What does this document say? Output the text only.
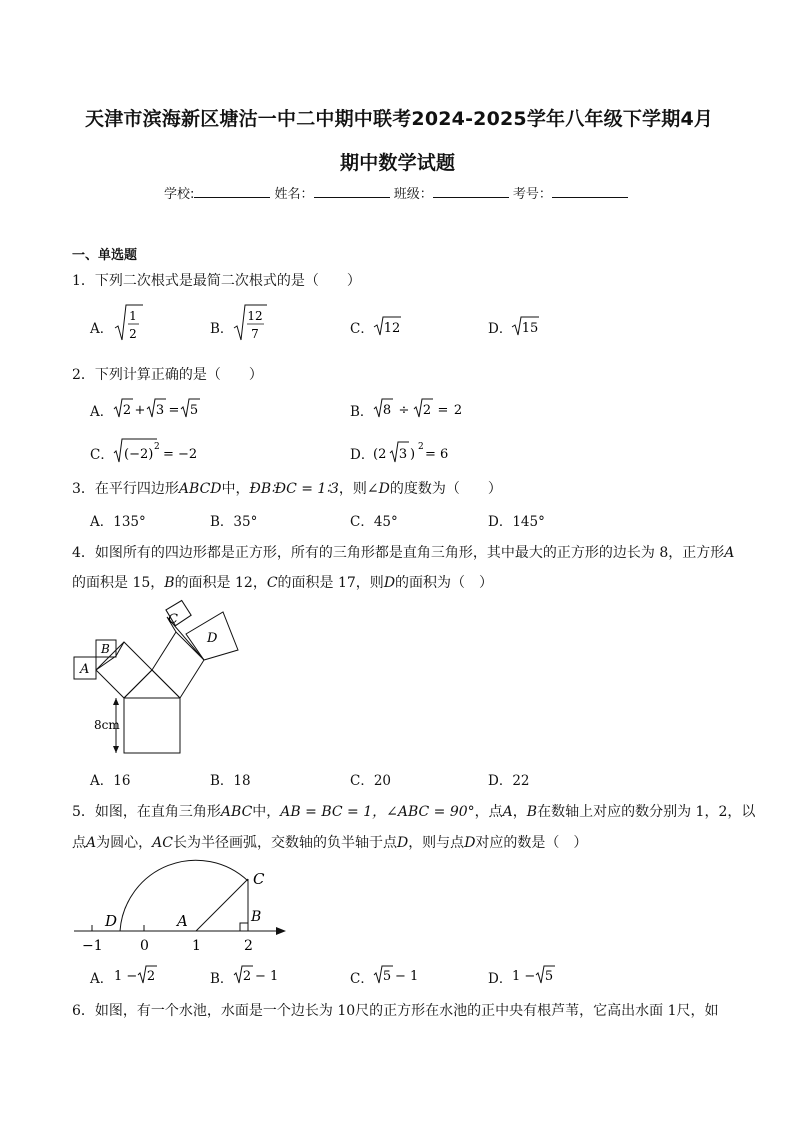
天津市滨海新区塘沽一中二中期中联考2024-2025学年八年级下学期4月
期中数学试题
学校:	姓名：	班级：	考号：
一、单选题
1．下列二次根式是最简二次根式的是（　　）
A．
1
2	B．
12
7	C． 12	D． 15
2．下列计算正确的是（　　）
A． 2 + 3 = 5	B． 8 ÷ 2 = 2
C． (−2) 2 = −2	D．
(2 3 ) 2 = 6
3．在平行四边形ABCD中，ÐB∶ÐC = 1∶3，则∠D的度数为（　　）
A．135°	B．35°	C．45°	D．145°
4．如图所有的四边形都是正方形，所有的三角形都是直角三角形，其中最大的正方形的边长为 8，正方形A
的面积是 15，B的面积是 12，C的面积是 17，则D的面积为（　）
A
B
C
D
8cm
A．16	B．18	C．20	D．22
5．如图，在直角三角形ABC中，AB = BC = 1，∠ABC = 90°，点A，B在数轴上对应的数分别为 1，2，以
点A为圆心，AC长为半径画弧，交数轴的负半轴于点D，则与点D对应的数是（　）
C
D	A	B
−1	0	1	2
A． 1 − 2	B． 2 − 1	C． 5 − 1	D． 1 − 5
6．如图，有一个水池，水面是一个边长为 10尺的正方形在水池的正中央有根芦苇，它高出水面 1尺，如
